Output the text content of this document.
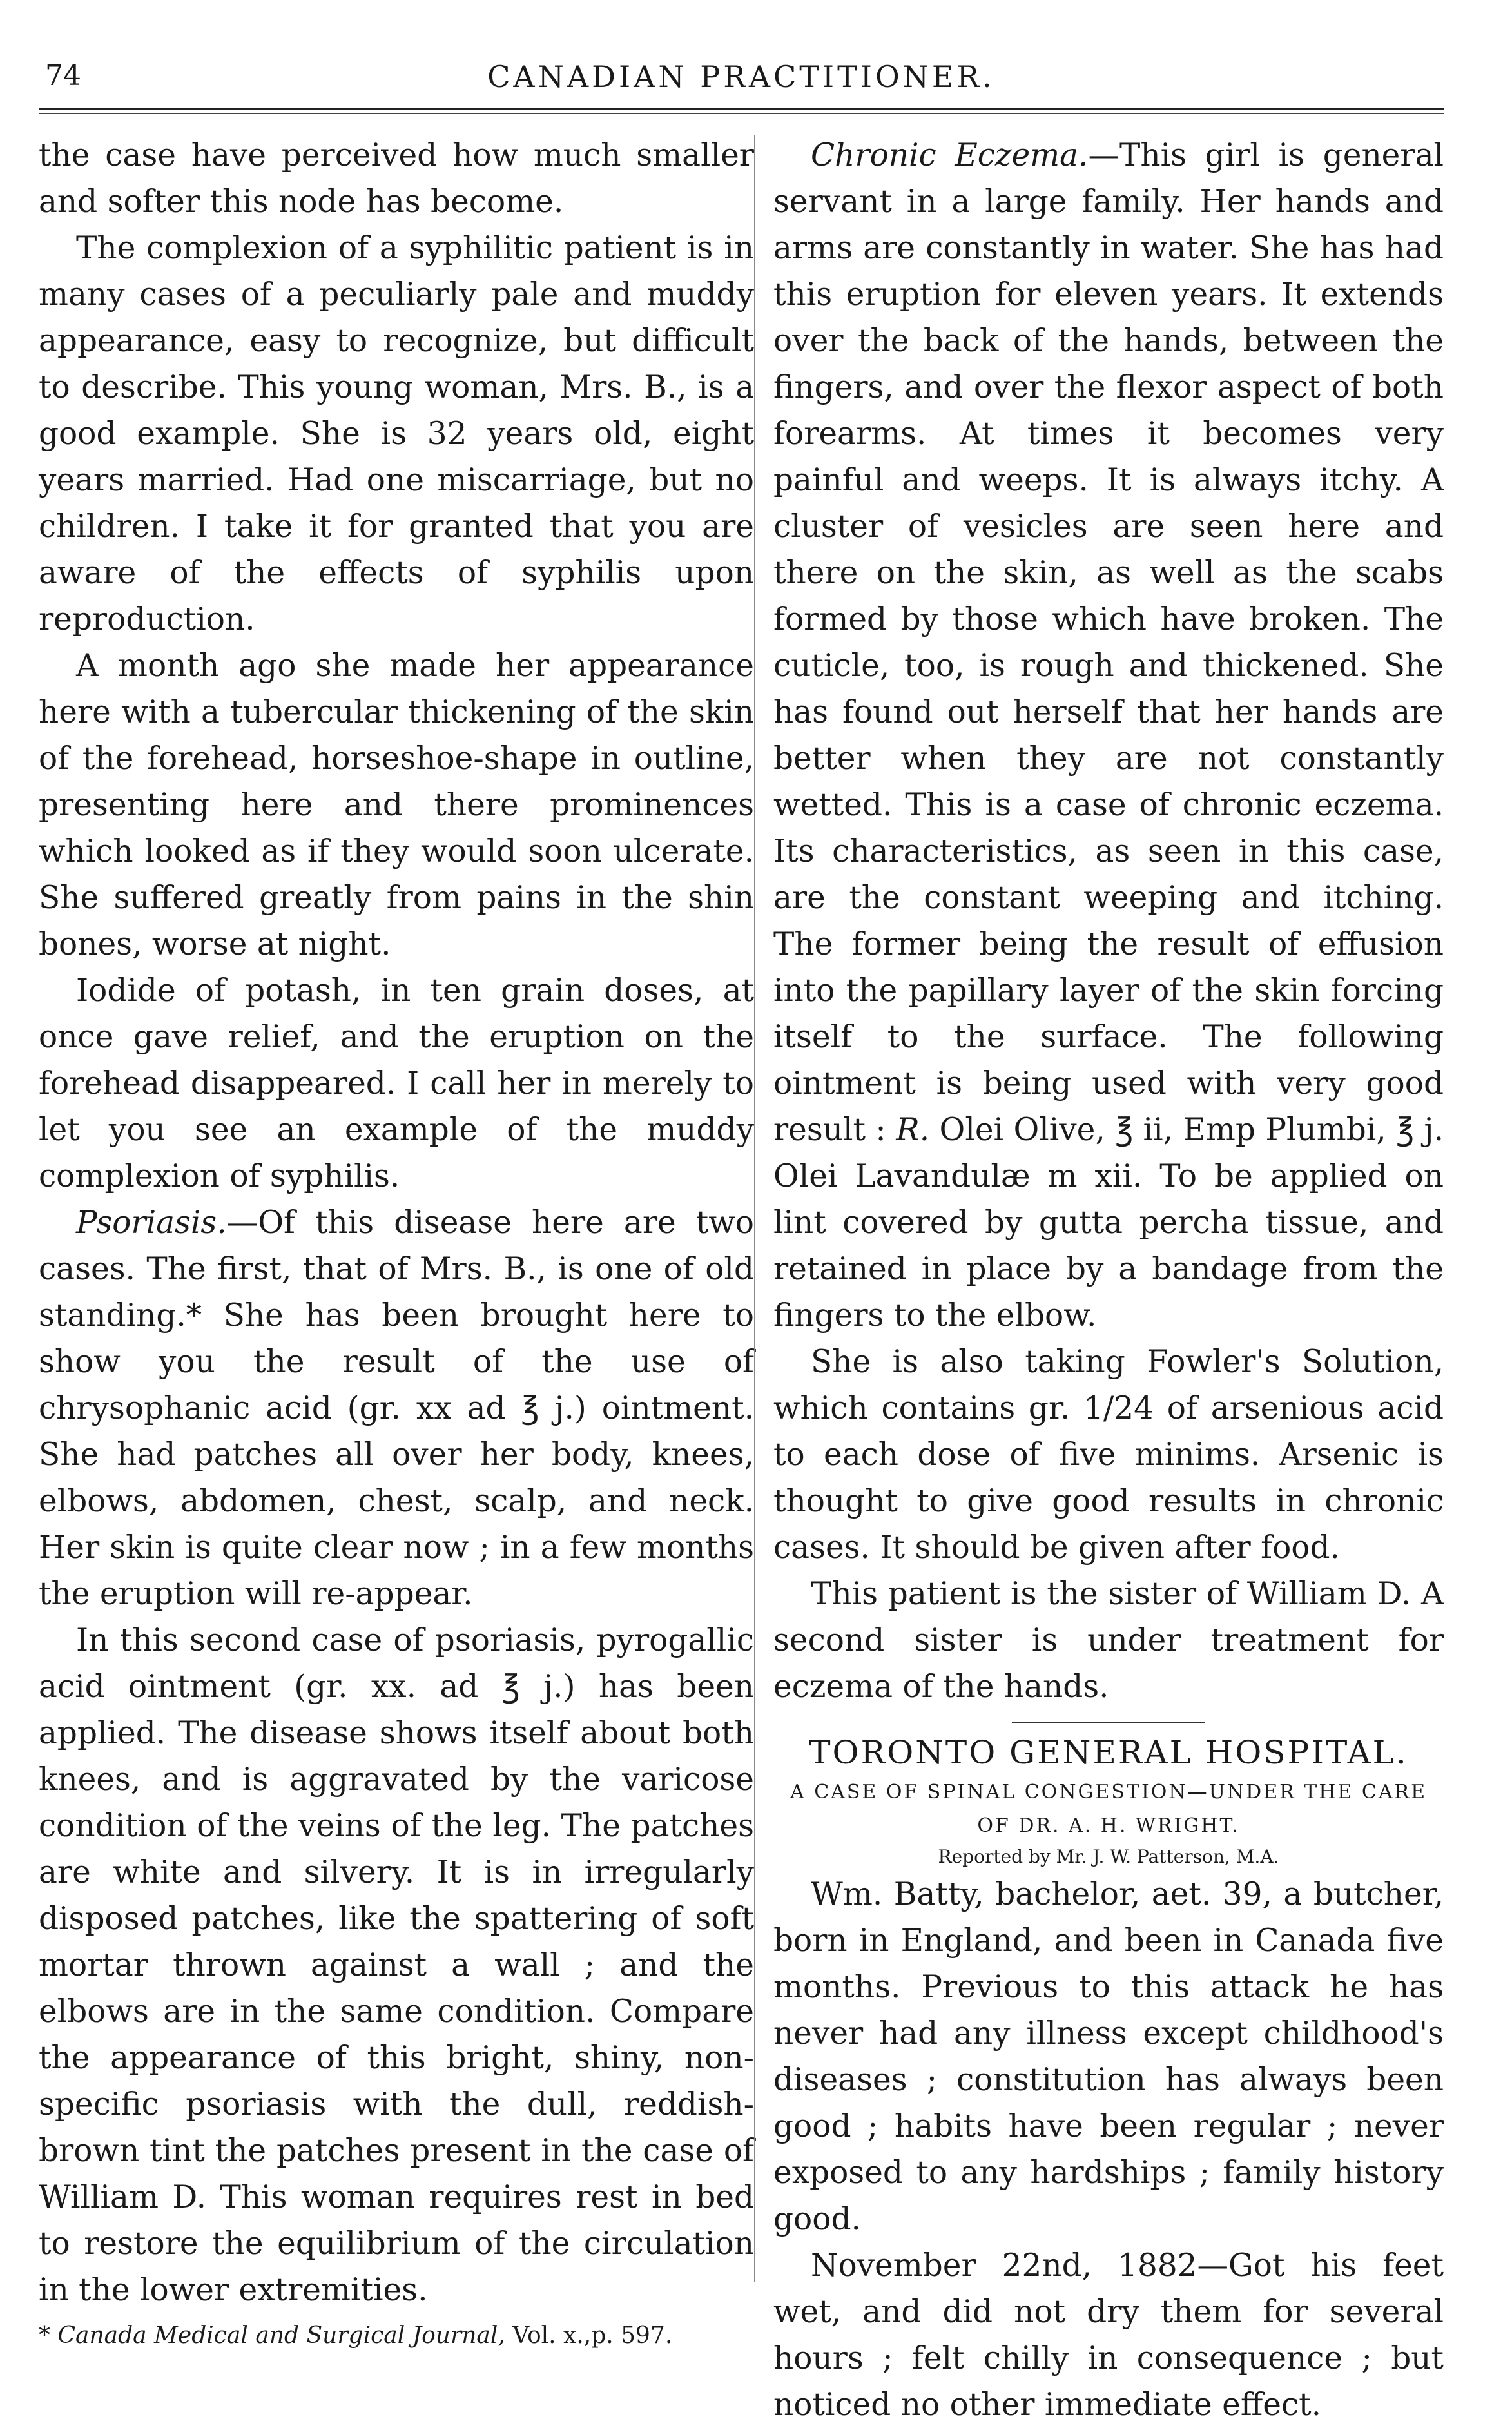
74	CANADIAN PRACTITIONER.

the case have perceived how much smaller and softer this node has become.

The complexion of a syphilitic patient is in many cases of a peculiarly pale and muddy appearance, easy to recognize, but difficult to describe. This young woman, Mrs. B., is a good example. She is 32 years old, eight years married. Had one miscarriage, but no children. I take it for granted that you are aware of the effects of syphilis upon reproduction.

A month ago she made her appearance here with a tubercular thickening of the skin of the forehead, horseshoe-shape in outline, presenting here and there prominences which looked as if they would soon ulcerate. She suffered greatly from pains in the shin bones, worse at night.

Iodide of potash, in ten grain doses, at once gave relief, and the eruption on the forehead disappeared. I call her in merely to let you see an example of the muddy complexion of syphilis.

Psoriasis.—Of this disease here are two cases. The first, that of Mrs. B., is one of old standing.* She has been brought here to show you the result of the use of chrysophanic acid (gr. xx ad ℥ j.) ointment. She had patches all over her body, knees, elbows, abdomen, chest, scalp, and neck. Her skin is quite clear now ; in a few months the eruption will re-appear.

In this second case of psoriasis, pyrogallic acid ointment (gr. xx. ad ℥ j.) has been applied. The disease shows itself about both knees, and is aggravated by the varicose condition of the veins of the leg. The patches are white and silvery. It is in irregularly disposed patches, like the spattering of soft mortar thrown against a wall ; and the elbows are in the same condition. Compare the appearance of this bright, shiny, non-specific psoriasis with the dull, reddish-brown tint the patches present in the case of William D. This woman requires rest in bed to restore the equilibrium of the circulation in the lower extremities.

* Canada Medical and Surgical Journal, Vol. x.,p. 597.

Chronic Eczema.—This girl is general servant in a large family. Her hands and arms are constantly in water. She has had this eruption for eleven years. It extends over the back of the hands, between the fingers, and over the flexor aspect of both forearms. At times it becomes very painful and weeps. It is always itchy. A cluster of vesicles are seen here and there on the skin, as well as the scabs formed by those which have broken. The cuticle, too, is rough and thickened. She has found out herself that her hands are better when they are not constantly wetted. This is a case of chronic eczema. Its characteristics, as seen in this case, are the constant weeping and itching. The former being the result of effusion into the papillary layer of the skin forcing itself to the surface. The following ointment is being used with very good result : R. Olei Olive, ℥ ii, Emp Plumbi, ℥ j. Olei Lavandulæ m xii. To be applied on lint covered by gutta percha tissue, and retained in place by a bandage from the fingers to the elbow.

She is also taking Fowler's Solution, which contains gr. 1/24 of arsenious acid to each dose of five minims. Arsenic is thought to give good results in chronic cases. It should be given after food.

This patient is the sister of William D. A second sister is under treatment for eczema of the hands.

TORONTO GENERAL HOSPITAL.
A CASE OF SPINAL CONGESTION—UNDER THE CARE OF DR. A. H. WRIGHT.
Reported by Mr. J. W. Patterson, M.A.

Wm. Batty, bachelor, aet. 39, a butcher, born in England, and been in Canada five months. Previous to this attack he has never had any illness except childhood's diseases ; constitution has always been good ; habits have been regular ; never exposed to any hardships ; family history good.

November 22nd, 1882—Got his feet wet, and did not dry them for several hours ; felt chilly in consequence ; but noticed no other immediate effect.
